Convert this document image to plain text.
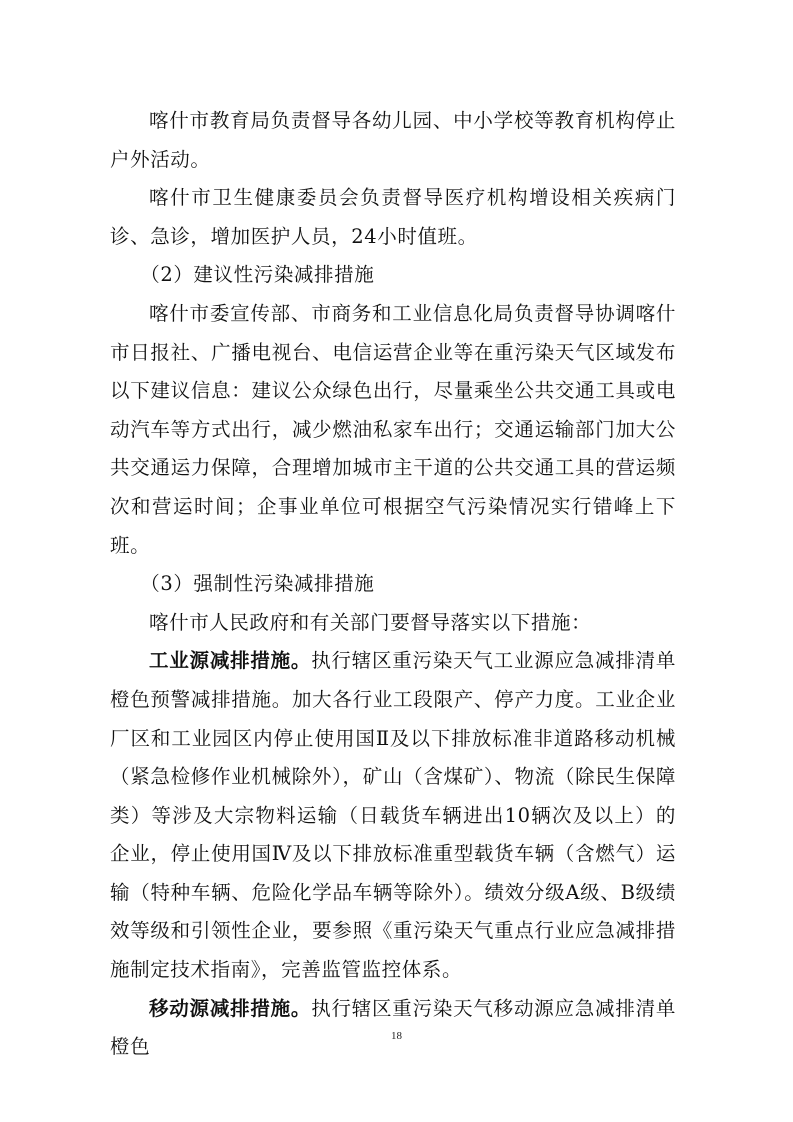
喀什市教育局负责督导各幼儿园、中小学校等教育机构停止户外活动。

喀什市卫生健康委员会负责督导医疗机构增设相关疾病门诊、急诊，增加医护人员，24小时值班。

（2）建议性污染减排措施

喀什市委宣传部、市商务和工业信息化局负责督导协调喀什市日报社、广播电视台、电信运营企业等在重污染天气区域发布以下建议信息：建议公众绿色出行，尽量乘坐公共交通工具或电动汽车等方式出行，减少燃油私家车出行；交通运输部门加大公共交通运力保障，合理增加城市主干道的公共交通工具的营运频次和营运时间；企事业单位可根据空气污染情况实行错峰上下班。

（3）强制性污染减排措施

喀什市人民政府和有关部门要督导落实以下措施：

工业源减排措施。执行辖区重污染天气工业源应急减排清单橙色预警减排措施。加大各行业工段限产、停产力度。工业企业厂区和工业园区内停止使用国Ⅱ及以下排放标准非道路移动机械（紧急检修作业机械除外），矿山（含煤矿）、物流（除民生保障类）等涉及大宗物料运输（日载货车辆进出10辆次及以上）的企业，停止使用国Ⅳ及以下排放标准重型载货车辆（含燃气）运输（特种车辆、危险化学品车辆等除外）。绩效分级A级、B级绩效等级和引领性企业，要参照《重污染天气重点行业应急减排措施制定技术指南》，完善监管监控体系。

移动源减排措施。执行辖区重污染天气移动源应急减排清单橙色	18
